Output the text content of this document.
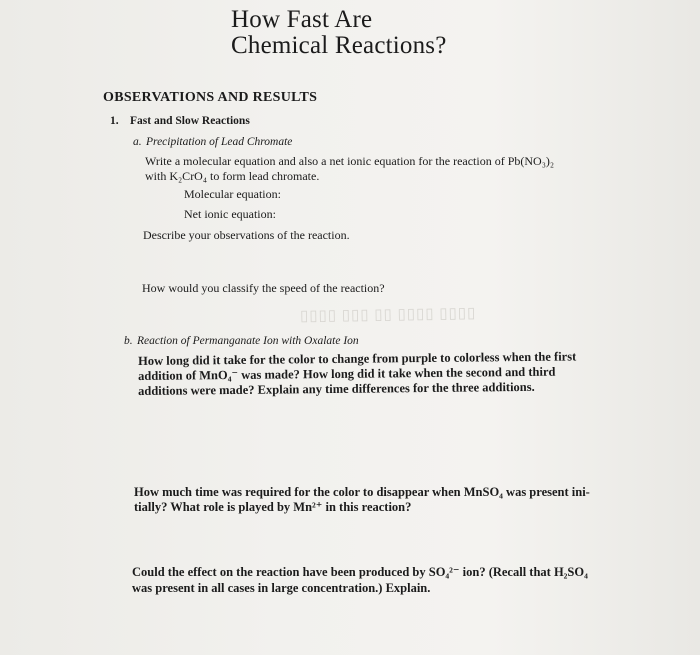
How Fast Are
Chemical Reactions?
OBSERVATIONS AND RESULTS
1. Fast and Slow Reactions
a. Precipitation of Lead Chromate
Write a molecular equation and also a net ionic equation for the reaction of Pb(NO₃)₂
with K₂CrO₄ to form lead chromate.
Molecular equation:
Net ionic equation:
Describe your observations of the reaction.
How would you classify the speed of the reaction?
▯▯▯▯ ▯▯▯ ▯▯ ▯▯▯▯ ▯▯▯▯
b. Reaction of Permanganate Ion with Oxalate Ion
How long did it take for the color to change from purple to colorless when the first
addition of MnO₄⁻ was made? How long did it take when the second and third
additions were made? Explain any time differences for the three additions.
How much time was required for the color to disappear when MnSO₄ was present ini-
tially? What role is played by Mn²⁺ in this reaction?
Could the effect on the reaction have been produced by SO₄²⁻ ion? (Recall that H₂SO₄
was present in all cases in large concentration.) Explain.
